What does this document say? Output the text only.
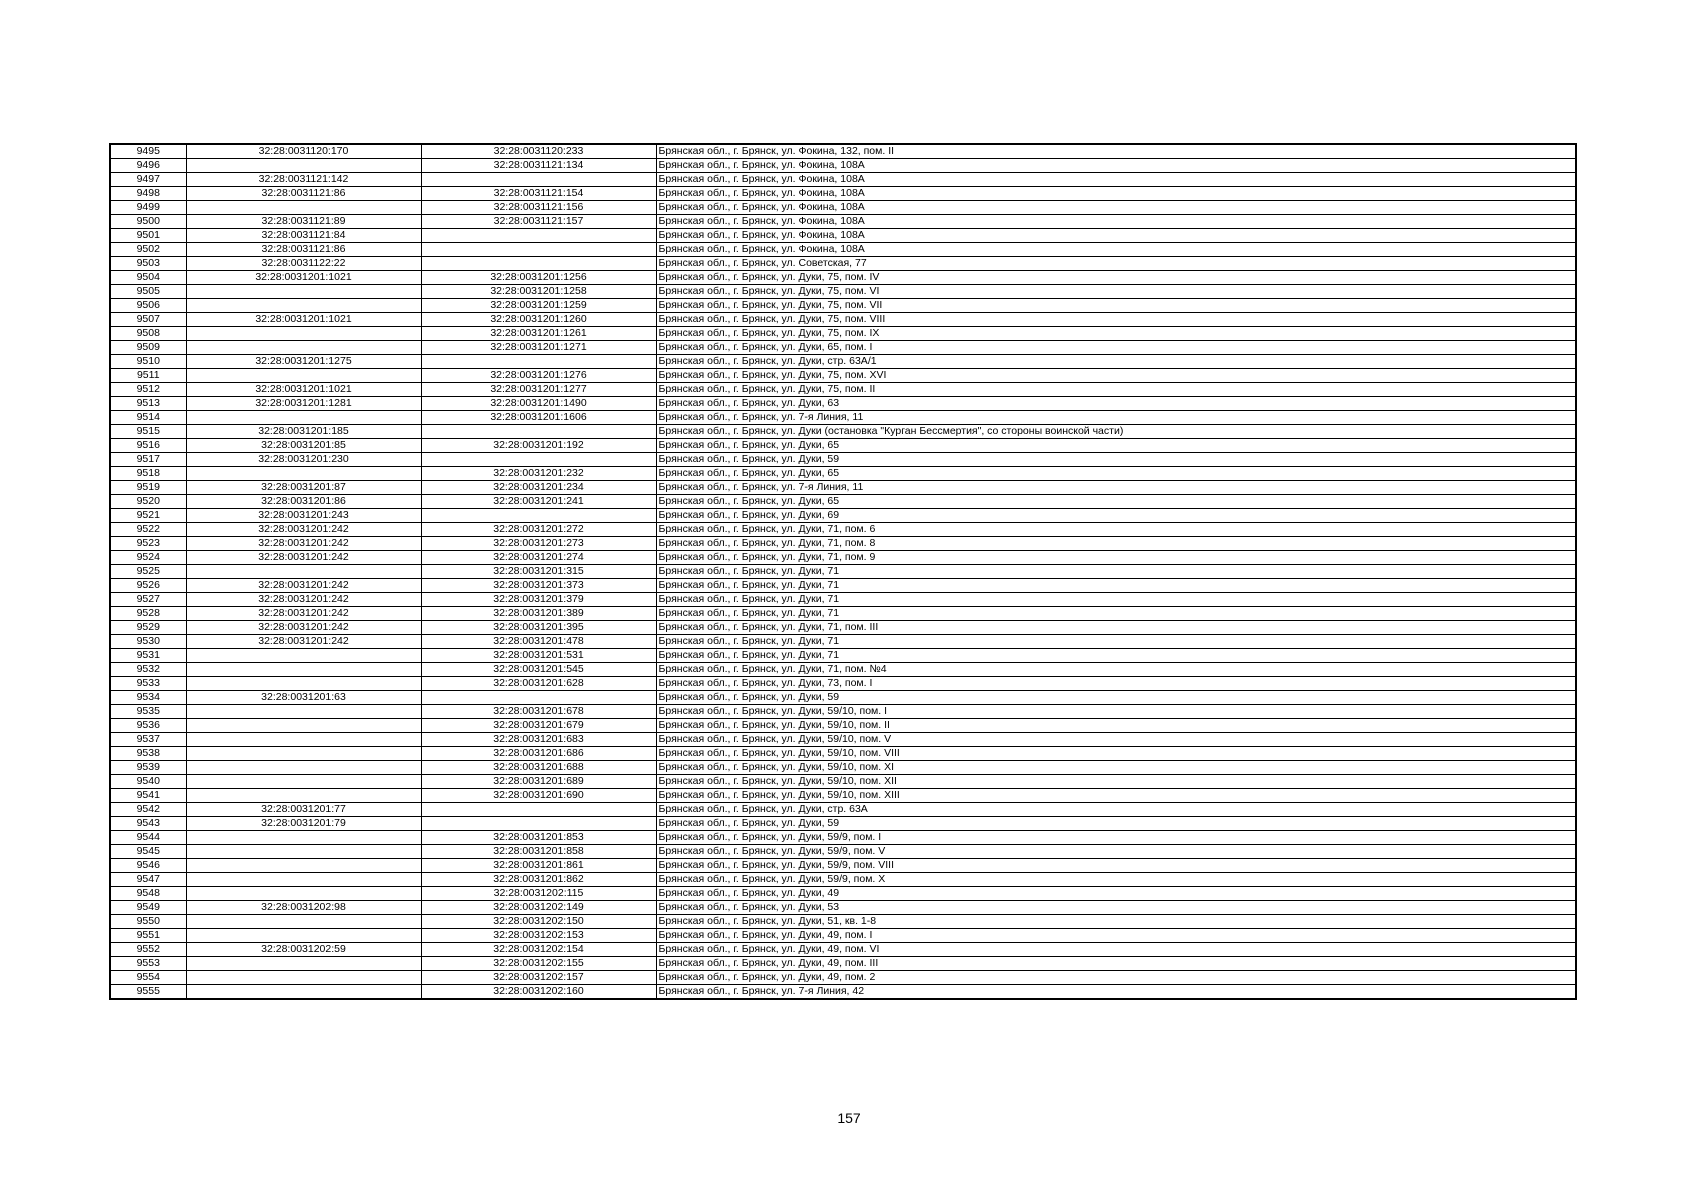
9495	32:28:0031120:170	32:28:0031120:233	Брянская обл., г. Брянск, ул. Фокина, 132, пом. II
9496		32:28:0031121:134	Брянская обл., г. Брянск, ул. Фокина, 108А
9497	32:28:0031121:142		Брянская обл., г. Брянск, ул. Фокина, 108А
9498	32:28:0031121:86	32:28:0031121:154	Брянская обл., г. Брянск, ул. Фокина, 108А
9499		32:28:0031121:156	Брянская обл., г. Брянск, ул. Фокина, 108А
9500	32:28:0031121:89	32:28:0031121:157	Брянская обл., г. Брянск, ул. Фокина, 108А
9501	32:28:0031121:84		Брянская обл., г. Брянск, ул. Фокина, 108А
9502	32:28:0031121:86		Брянская обл., г. Брянск, ул. Фокина, 108А
9503	32:28:0031122:22		Брянская обл., г. Брянск, ул. Советская, 77
9504	32:28:0031201:1021	32:28:0031201:1256	Брянская обл., г. Брянск, ул. Дуки, 75, пом. IV
9505		32:28:0031201:1258	Брянская обл., г. Брянск, ул. Дуки, 75, пом. VI
9506		32:28:0031201:1259	Брянская обл., г. Брянск, ул. Дуки, 75, пом. VII
9507	32:28:0031201:1021	32:28:0031201:1260	Брянская обл., г. Брянск, ул. Дуки, 75, пом. VIII
9508		32:28:0031201:1261	Брянская обл., г. Брянск, ул. Дуки, 75, пом. IX
9509		32:28:0031201:1271	Брянская обл., г. Брянск, ул. Дуки, 65, пом. I
9510	32:28:0031201:1275		Брянская обл., г. Брянск, ул. Дуки, стр. 63А/1
9511		32:28:0031201:1276	Брянская обл., г. Брянск, ул. Дуки, 75, пом. XVI
9512	32:28:0031201:1021	32:28:0031201:1277	Брянская обл., г. Брянск, ул. Дуки, 75, пом. II
9513	32:28:0031201:1281	32:28:0031201:1490	Брянская обл., г. Брянск, ул. Дуки, 63
9514		32:28:0031201:1606	Брянская обл., г. Брянск, ул. 7-я Линия, 11
9515	32:28:0031201:185		Брянская обл., г. Брянск, ул. Дуки (остановка "Курган Бессмертия", со стороны воинской части)
9516	32:28:0031201:85	32:28:0031201:192	Брянская обл., г. Брянск, ул. Дуки, 65
9517	32:28:0031201:230		Брянская обл., г. Брянск, ул. Дуки, 59
9518		32:28:0031201:232	Брянская обл., г. Брянск, ул. Дуки, 65
9519	32:28:0031201:87	32:28:0031201:234	Брянская обл., г. Брянск, ул. 7-я Линия, 11
9520	32:28:0031201:86	32:28:0031201:241	Брянская обл., г. Брянск, ул. Дуки, 65
9521	32:28:0031201:243		Брянская обл., г. Брянск, ул. Дуки, 69
9522	32:28:0031201:242	32:28:0031201:272	Брянская обл., г. Брянск, ул. Дуки, 71, пом. 6
9523	32:28:0031201:242	32:28:0031201:273	Брянская обл., г. Брянск, ул. Дуки, 71, пом. 8
9524	32:28:0031201:242	32:28:0031201:274	Брянская обл., г. Брянск, ул. Дуки, 71, пом. 9
9525		32:28:0031201:315	Брянская обл., г. Брянск, ул. Дуки, 71
9526	32:28:0031201:242	32:28:0031201:373	Брянская обл., г. Брянск, ул. Дуки, 71
9527	32:28:0031201:242	32:28:0031201:379	Брянская обл., г. Брянск, ул. Дуки, 71
9528	32:28:0031201:242	32:28:0031201:389	Брянская обл., г. Брянск, ул. Дуки, 71
9529	32:28:0031201:242	32:28:0031201:395	Брянская обл., г. Брянск, ул. Дуки, 71, пом. III
9530	32:28:0031201:242	32:28:0031201:478	Брянская обл., г. Брянск, ул. Дуки, 71
9531		32:28:0031201:531	Брянская обл., г. Брянск, ул. Дуки, 71
9532		32:28:0031201:545	Брянская обл., г. Брянск, ул. Дуки, 71, пом. №4
9533		32:28:0031201:628	Брянская обл., г. Брянск, ул. Дуки, 73, пом. I
9534	32:28:0031201:63		Брянская обл., г. Брянск, ул. Дуки, 59
9535		32:28:0031201:678	Брянская обл., г. Брянск, ул. Дуки, 59/10, пом. I
9536		32:28:0031201:679	Брянская обл., г. Брянск, ул. Дуки, 59/10, пом. II
9537		32:28:0031201:683	Брянская обл., г. Брянск, ул. Дуки, 59/10, пом. V
9538		32:28:0031201:686	Брянская обл., г. Брянск, ул. Дуки, 59/10, пом. VIII
9539		32:28:0031201:688	Брянская обл., г. Брянск, ул. Дуки, 59/10, пом. XI
9540		32:28:0031201:689	Брянская обл., г. Брянск, ул. Дуки, 59/10, пом. XII
9541		32:28:0031201:690	Брянская обл., г. Брянск, ул. Дуки, 59/10, пом. XIII
9542	32:28:0031201:77		Брянская обл., г. Брянск, ул. Дуки, стр. 63А
9543	32:28:0031201:79		Брянская обл., г. Брянск, ул. Дуки, 59
9544		32:28:0031201:853	Брянская обл., г. Брянск, ул. Дуки, 59/9, пом. I
9545		32:28:0031201:858	Брянская обл., г. Брянск, ул. Дуки, 59/9, пом. V
9546		32:28:0031201:861	Брянская обл., г. Брянск, ул. Дуки, 59/9, пом. VIII
9547		32:28:0031201:862	Брянская обл., г. Брянск, ул. Дуки, 59/9, пом. X
9548		32:28:0031202:115	Брянская обл., г. Брянск, ул. Дуки, 49
9549	32:28:0031202:98	32:28:0031202:149	Брянская обл., г. Брянск, ул. Дуки, 53
9550		32:28:0031202:150	Брянская обл., г. Брянск, ул. Дуки, 51, кв. 1-8
9551		32:28:0031202:153	Брянская обл., г. Брянск, ул. Дуки, 49, пом. I
9552	32:28:0031202:59	32:28:0031202:154	Брянская обл., г. Брянск, ул. Дуки, 49, пом. VI
9553		32:28:0031202:155	Брянская обл., г. Брянск, ул. Дуки, 49, пом. III
9554		32:28:0031202:157	Брянская обл., г. Брянск, ул. Дуки, 49, пом. 2
9555		32:28:0031202:160	Брянская обл., г. Брянск, ул. 7-я Линия, 42
157
